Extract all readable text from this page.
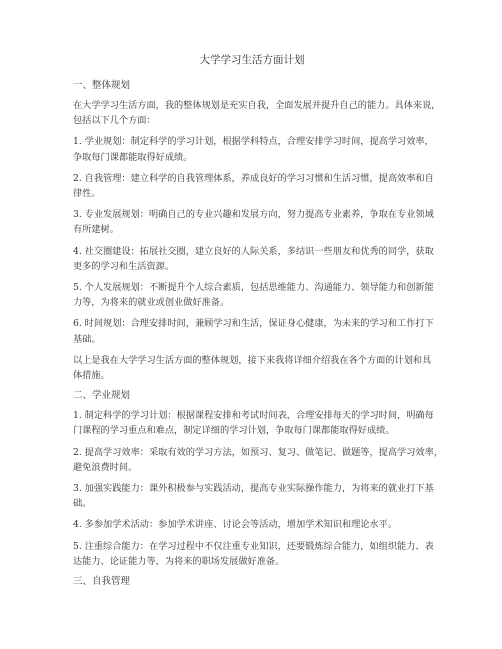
大学学习生活方面计划
一、整体规划
在大学学习生活方面，我的整体规划是充实自我，全面发展并提升自己的能力。具体来说，
包括以下几个方面：
1. 学业规划：制定科学的学习计划，根据学科特点，合理安排学习时间，提高学习效率，
争取每门课都能取得好成绩。
2. 自我管理：建立科学的自我管理体系，养成良好的学习习惯和生活习惯，提高效率和自
律性。
3. 专业发展规划：明确自己的专业兴趣和发展方向，努力提高专业素养，争取在专业领域
有所建树。
4. 社交圈建设：拓展社交圈，建立良好的人际关系，多结识一些朋友和优秀的同学，获取
更多的学习和生活资源。
5. 个人发展规划：不断提升个人综合素质，包括思维能力、沟通能力、领导能力和创新能
力等，为将来的就业或创业做好准备。
6. 时间规划：合理安排时间，兼顾学习和生活，保证身心健康，为未来的学习和工作打下
基础。
以上是我在大学学习生活方面的整体规划，接下来我将详细介绍我在各个方面的计划和具
体措施。
二、学业规划
1. 制定科学的学习计划：根据课程安排和考试时间表，合理安排每天的学习时间，明确每
门课程的学习重点和难点，制定详细的学习计划，争取每门课都能取得好成绩。
2. 提高学习效率：采取有效的学习方法，如预习、复习、做笔记、做题等，提高学习效率，
避免浪费时间。
3. 加强实践能力：课外积极参与实践活动，提高专业实际操作能力，为将来的就业打下基
础。
4. 多参加学术活动：参加学术讲座、讨论会等活动，增加学术知识和理论水平。
5. 注重综合能力：在学习过程中不仅注重专业知识，还要锻炼综合能力，如组织能力、表
达能力、论证能力等，为将来的职场发展做好准备。
三、自我管理
